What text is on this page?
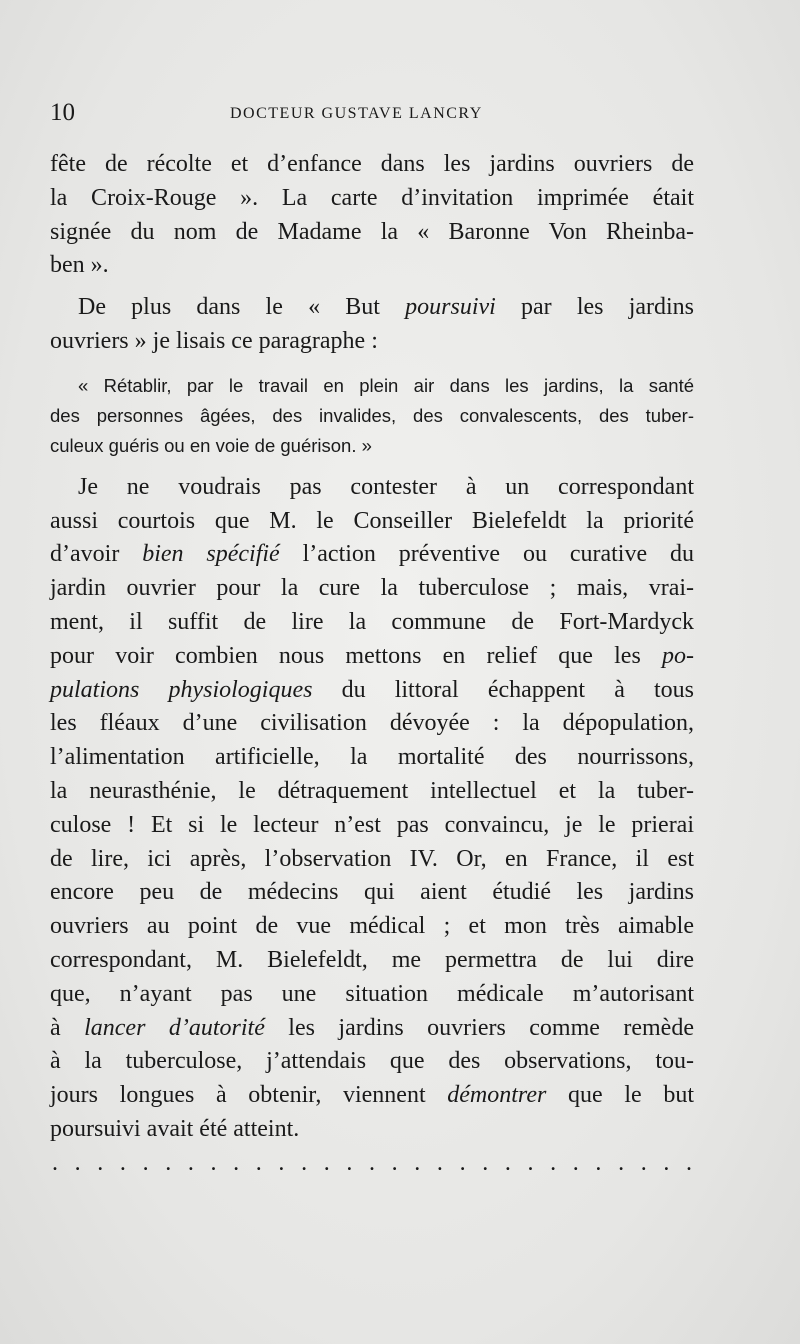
10	DOCTEUR GUSTAVE LANCRY
fête de récolte et d’enfance dans les jardins ouvriers de
la Croix-Rouge ». La carte d’invitation imprimée était
signée du nom de Madame la « Baronne Von Rheinba-
ben ».
De plus dans le « But poursuivi par les jardins
ouvriers » je lisais ce paragraphe :
« Rétablir, par le travail en plein air dans les jardins, la santé
des personnes âgées, des invalides, des convalescents, des tuber-
culeux guéris ou en voie de guérison. »
Je ne voudrais pas contester à un correspondant
aussi courtois que M. le Conseiller Bielefeldt la priorité
d’avoir bien spécifié l’action préventive ou curative du
jardin ouvrier pour la cure la tuberculose ; mais, vrai-
ment, il suffit de lire la commune de Fort-Mardyck
pour voir combien nous mettons en relief que les po-
pulations physiologiques du littoral échappent à tous
les fléaux d’une civilisation dévoyée : la dépopulation,
l’alimentation artificielle, la mortalité des nourrissons,
la neurasthénie, le détraquement intellectuel et la tuber-
culose ! Et si le lecteur n’est pas convaincu, je le prierai
de lire, ici après, l’observation IV. Or, en France, il est
encore peu de médecins qui aient étudié les jardins
ouvriers au point de vue médical ; et mon très aimable
correspondant, M. Bielefeldt, me permettra de lui dire
que, n’ayant pas une situation médicale m’autorisant
à lancer d’autorité les jardins ouvriers comme remède
à la tuberculose, j’attendais que des observations, tou-
jours longues à obtenir, viennent démontrer que le but
poursuivi avait été atteint.
. . . . . . . . . . . . . . . . . . . . . . . . . . . . .
